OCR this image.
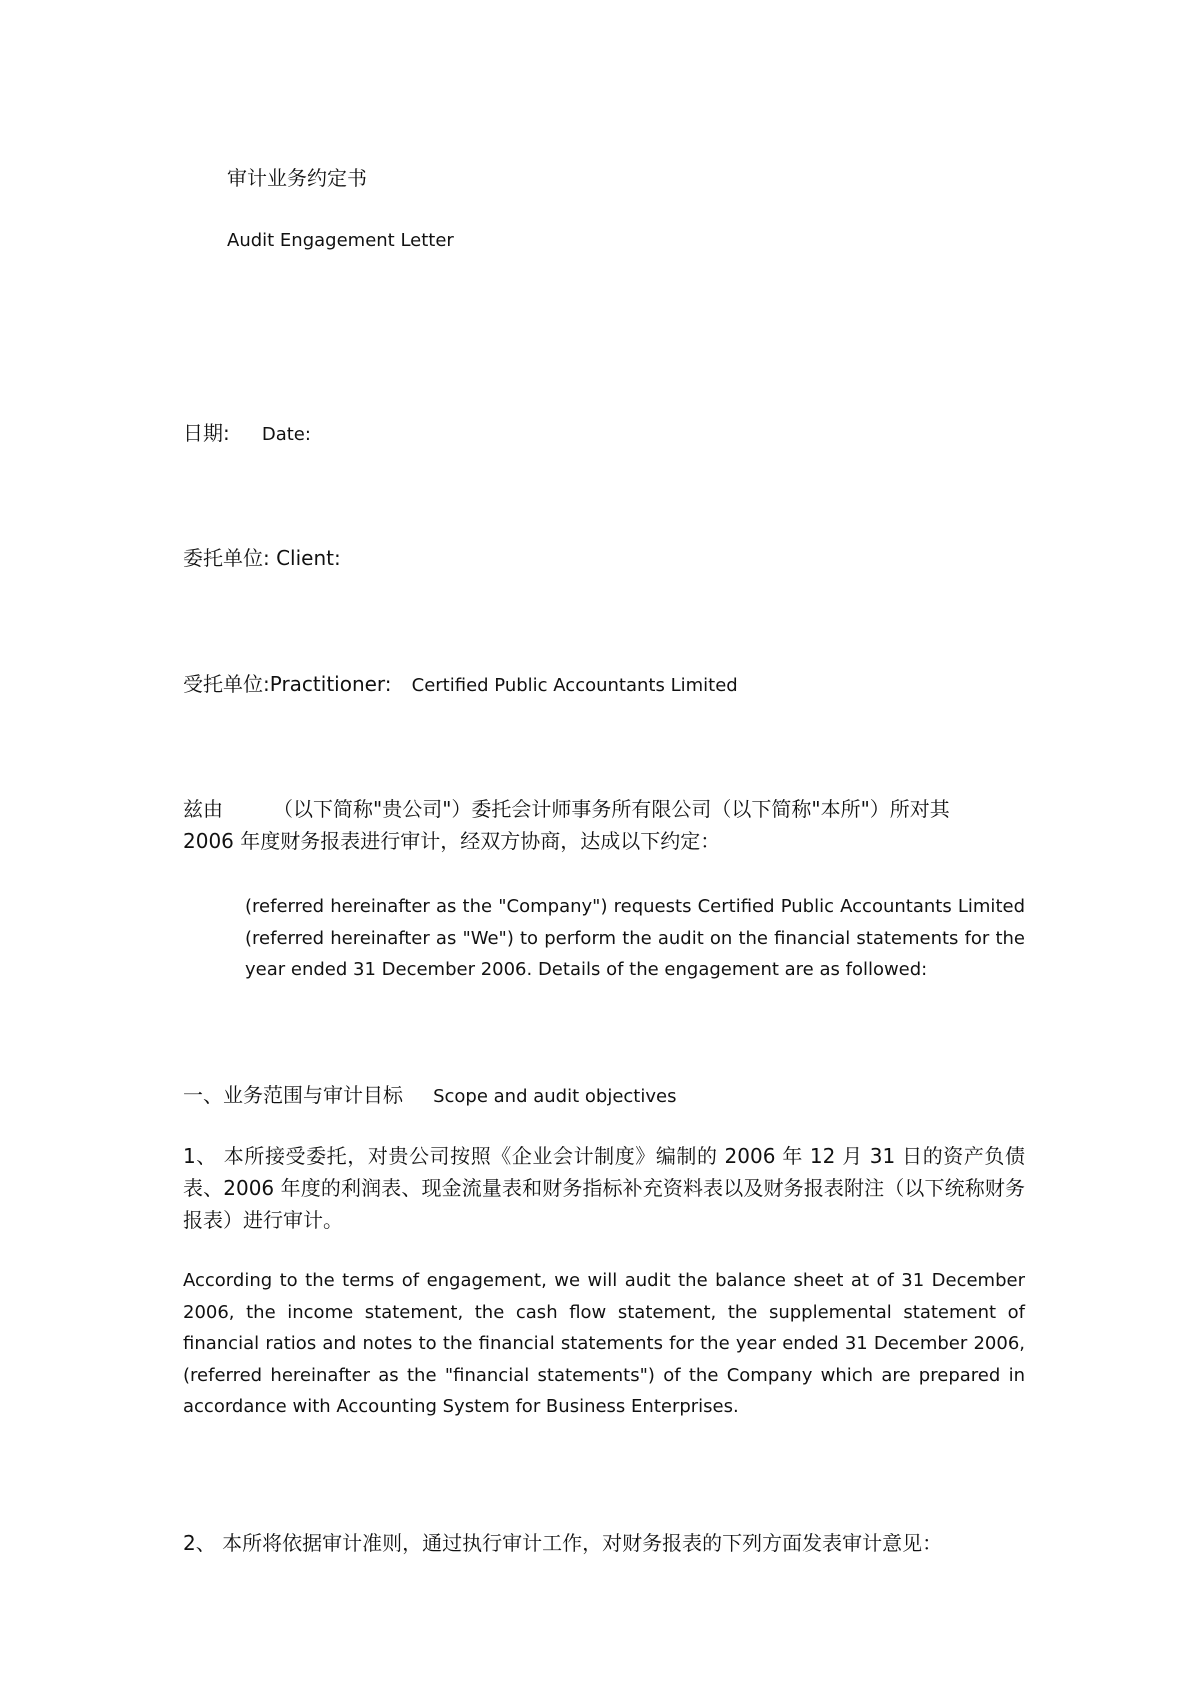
审计业务约定书
Audit Engagement Letter
日期: Date:
委托单位: Client:
受托单位:Practitioner: Certified Public Accountants Limited
兹由　　　（以下简称"贵公司"）委托会计师事务所有限公司（以下简称"本所"）所对其
2006 年度财务报表进行审计，经双方协商，达成以下约定：
(referred hereinafter as the "Company") requests Certified Public Accountants Limited (referred hereinafter as "We") to perform the audit on the financial statements for the year ended 31 December 2006. Details of the engagement are as followed:
一、业务范围与审计目标 Scope and audit objectives
1、 本所接受委托，对贵公司按照《企业会计制度》编制的 2006 年 12 月 31 日的资产负债表、2006 年度的利润表、现金流量表和财务指标补充资料表以及财务报表附注（以下统称财务报表）进行审计。
According to the terms of engagement, we will audit the balance sheet at of 31 December 2006, the income statement, the cash flow statement, the supplemental statement of financial ratios and notes to the financial statements for the year ended 31 December 2006, (referred hereinafter as the "financial statements") of the Company which are prepared in accordance with Accounting System for Business Enterprises.
2、 本所将依据审计准则，通过执行审计工作，对财务报表的下列方面发表审计意见：
